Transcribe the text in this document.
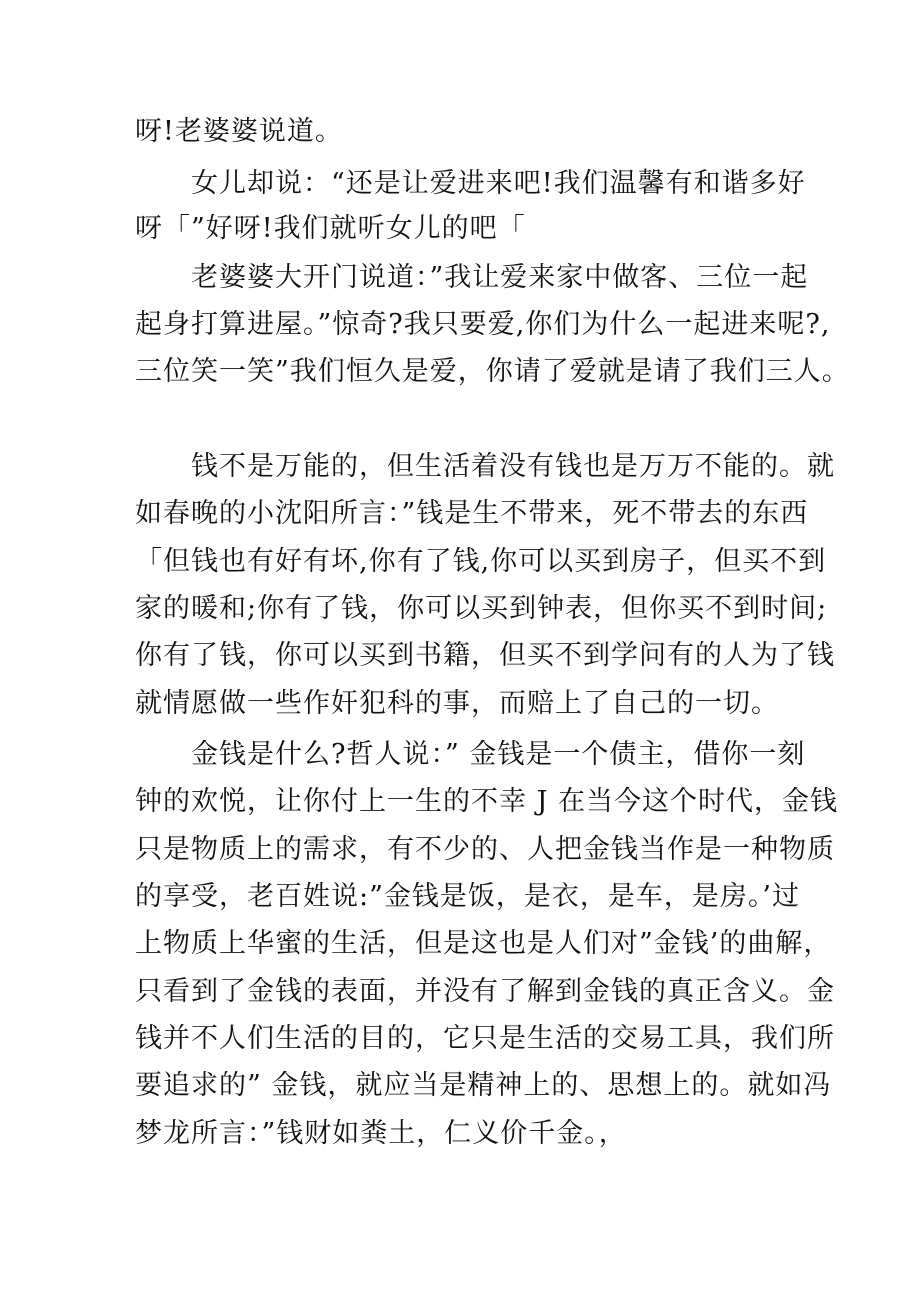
呀!老婆婆说道。
女儿却说：“还是让爱进来吧!我们温馨有和谐多好
呀「”好呀!我们就听女儿的吧「
老婆婆大开门说道：”我让爱来家中做客、三位一起
起身打算进屋。”惊奇?我只要爱,你们为什么一起进来呢?,
三位笑一笑”我们恒久是爱，你请了爱就是请了我们三人。
钱不是万能的，但生活着没有钱也是万万不能的。就
如春晚的小沈阳所言：”钱是生不带来，死不带去的东西
「但钱也有好有坏,你有了钱,你可以买到房子，但买不到
家的暖和;你有了钱，你可以买到钟表，但你买不到时间;
你有了钱，你可以买到书籍，但买不到学问有的人为了钱
就情愿做一些作奸犯科的事，而赔上了自己的一切。
金钱是什么?哲人说：” 金钱是一个债主，借你一刻
钟的欢悦，让你付上一生的不幸 J 在当今这个时代，金钱
只是物质上的需求，有不少的、人把金钱当作是一种物质
的享受，老百姓说:”金钱是饭，是衣，是车，是房。’过
上物质上华蜜的生活，但是这也是人们对”金钱’的曲解，
只看到了金钱的表面，并没有了解到金钱的真正含义。金
钱并不人们生活的目的，它只是生活的交易工具，我们所
要追求的” 金钱，就应当是精神上的、思想上的。就如冯
梦龙所言：”钱财如粪土，仁义价千金。，
